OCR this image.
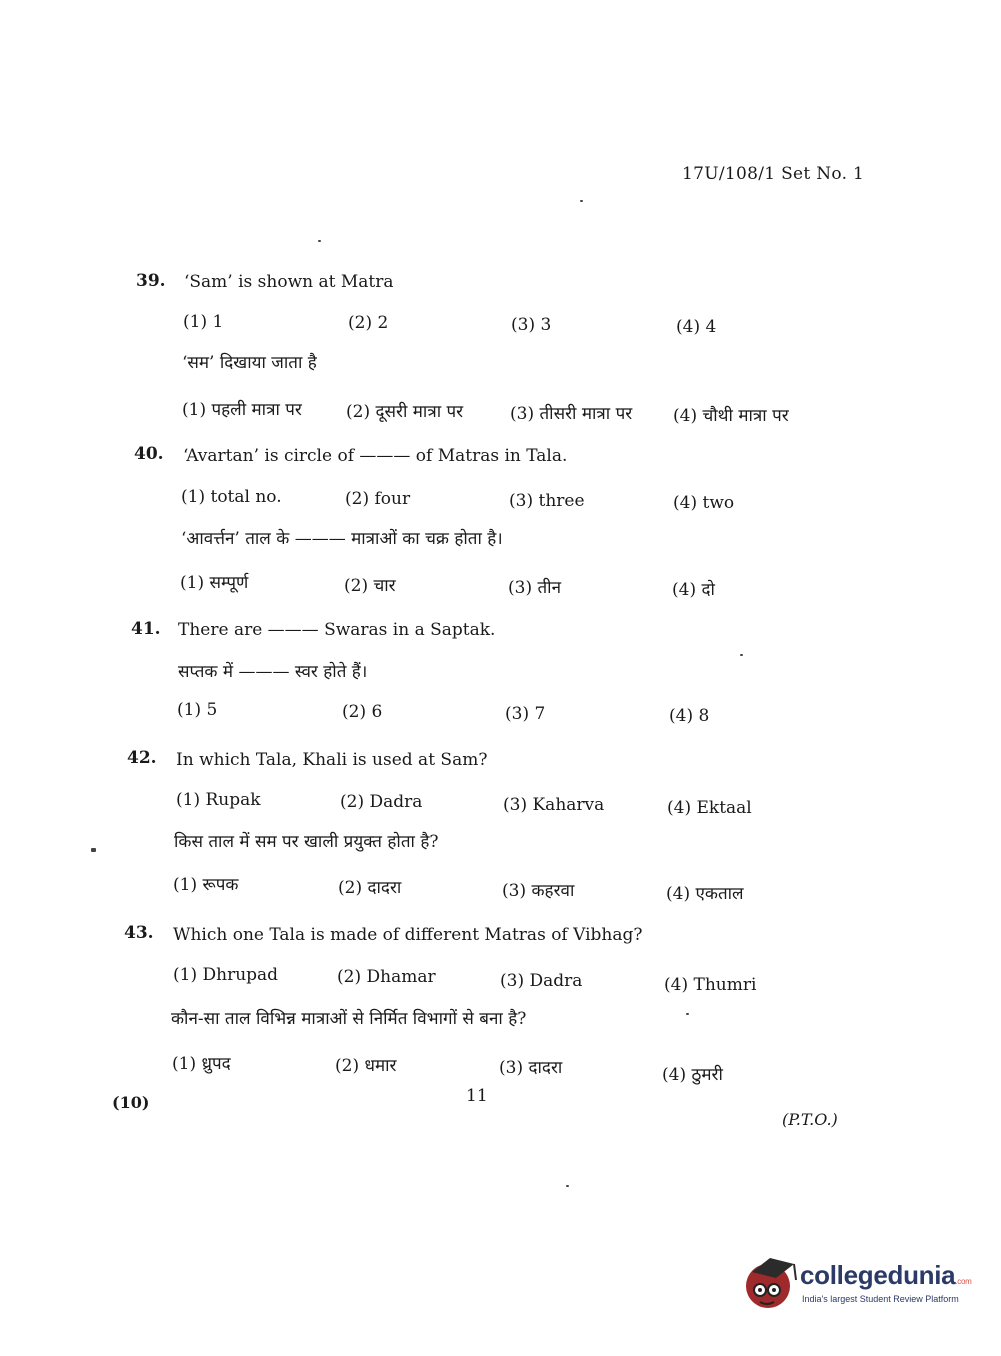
17U/108/1 Set No. 1
39. ‘Sam’ is shown at Matra
(1) 1	(2) 2	(3) 3	(4) 4
‘सम’ दिखाया जाता है
(1) पहली मात्रा पर	(2) दूसरी मात्रा पर	(3) तीसरी मात्रा पर (4) चौथी मात्रा पर
40. ‘Avartan’ is circle of ——— of Matras in Tala.
(1) total no.	(2) four	(3) three	(4) two
‘आवर्त्तन’ ताल के ——— मात्राओं का चक्र होता है।
(1) सम्पूर्ण	(2) चार	(3) तीन	(4) दो
41. There are ——— Swaras in a Saptak.
सप्तक में ——— स्वर होते हैं।
(1) 5	(2) 6	(3) 7	(4) 8
42. In which Tala, Khali is used at Sam?
(1) Rupak	(2) Dadra	(3) Kaharva	(4) Ektaal
किस ताल में सम पर खाली प्रयुक्त होता है?
(1) रूपक	(2) दादरा	(3) कहरवा	(4) एकताल
43. Which one Tala is made of different Matras of Vibhag?
(1) Dhrupad	(2) Dhamar	(3) Dadra	(4) Thumri
कौन-सा ताल विभिन्न मात्राओं से निर्मित विभागों से बना है?
(1) ध्रुपद	(2) धमार	(3) दादरा	(4) ठुमरी
(10)	11
(P.T.O.)
collegedunia.com
India's largest Student Review Platform
